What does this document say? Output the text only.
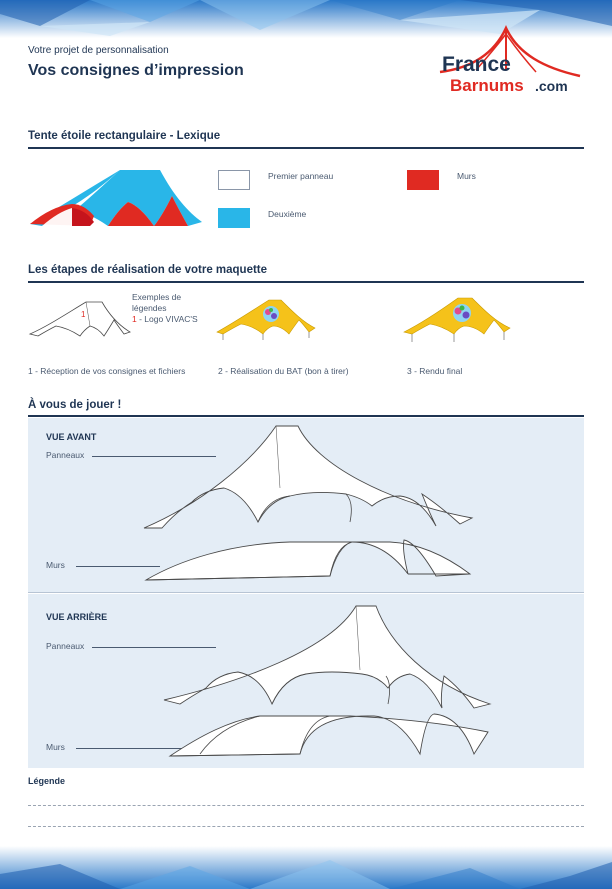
Votre projet de personnalisation
Vos consignes d’impression	France
Barnums .com
Tente étoile rectangulaire - Lexique
Premier panneau	Murs
Deuxième
Les étapes de réalisation de votre maquette
1
Exemples de
légendes
1 - Logo VIVAC'S
1 - Réception de vos consignes et fichiers	2 - Réalisation du BAT (bon à tirer)	3 - Rendu final
À vous de jouer !
VUE AVANT
Panneaux
Murs
VUE ARRIÈRE
Panneaux
Murs
Légende
